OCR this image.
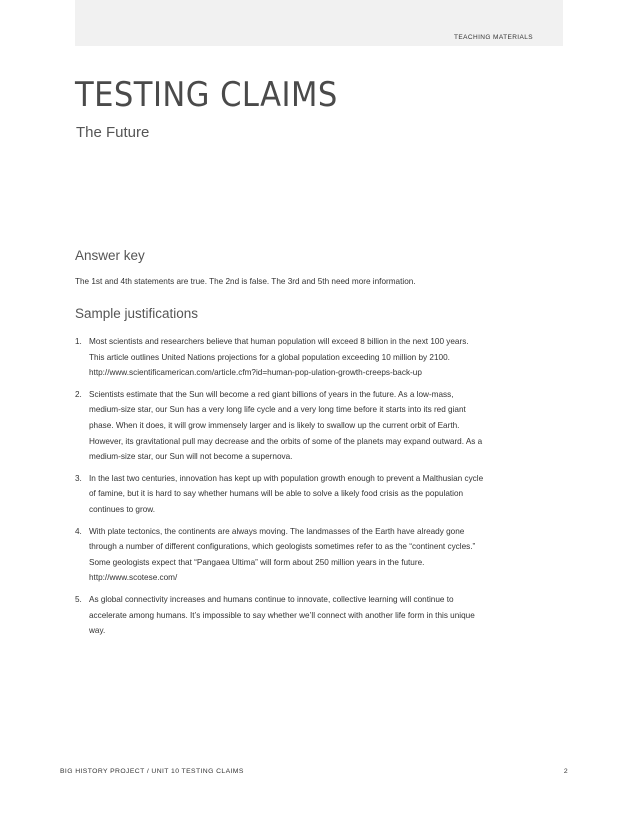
TEACHING MATERIALS
TESTING CLAIMS
The Future
Answer key

The 1st and 4th statements are true. The 2nd is false. The 3rd and 5th need more information.

Sample justifications
1. Most scientists and researchers believe that human population will exceed 8 billion in the next 100 years. This article outlines United Nations projections for a global population exceeding 10 million by 2100. http://www.scientificamerican.com/article.cfm?id=human-pop-ulation-growth-creeps-back-up
2. Scientists estimate that the Sun will become a red giant billions of years in the future. As a low-mass, medium-size star, our Sun has a very long life cycle and a very long time before it starts into its red giant phase. When it does, it will grow immensely larger and is likely to swallow up the current orbit of Earth. However, its gravitational pull may decrease and the orbits of some of the planets may expand outward. As a medium-size star, our Sun will not become a supernova.
3. In the last two centuries, innovation has kept up with population growth enough to prevent a Malthusian cycle of famine, but it is hard to say whether humans will be able to solve a likely food crisis as the population continues to grow.
4. With plate tectonics, the continents are always moving. The landmasses of the Earth have already gone through a number of different configurations, which geologists sometimes refer to as the “continent cycles.” Some geologists expect that “Pangaea Ultima” will form about 250 million years in the future. http://www.scotese.com/
5. As global connectivity increases and humans continue to innovate, collective learning will continue to accelerate among humans. It’s impossible to say whether we’ll connect with another life form in this unique way.
BIG HISTORY PROJECT / UNIT 10 TESTING CLAIMS	2
